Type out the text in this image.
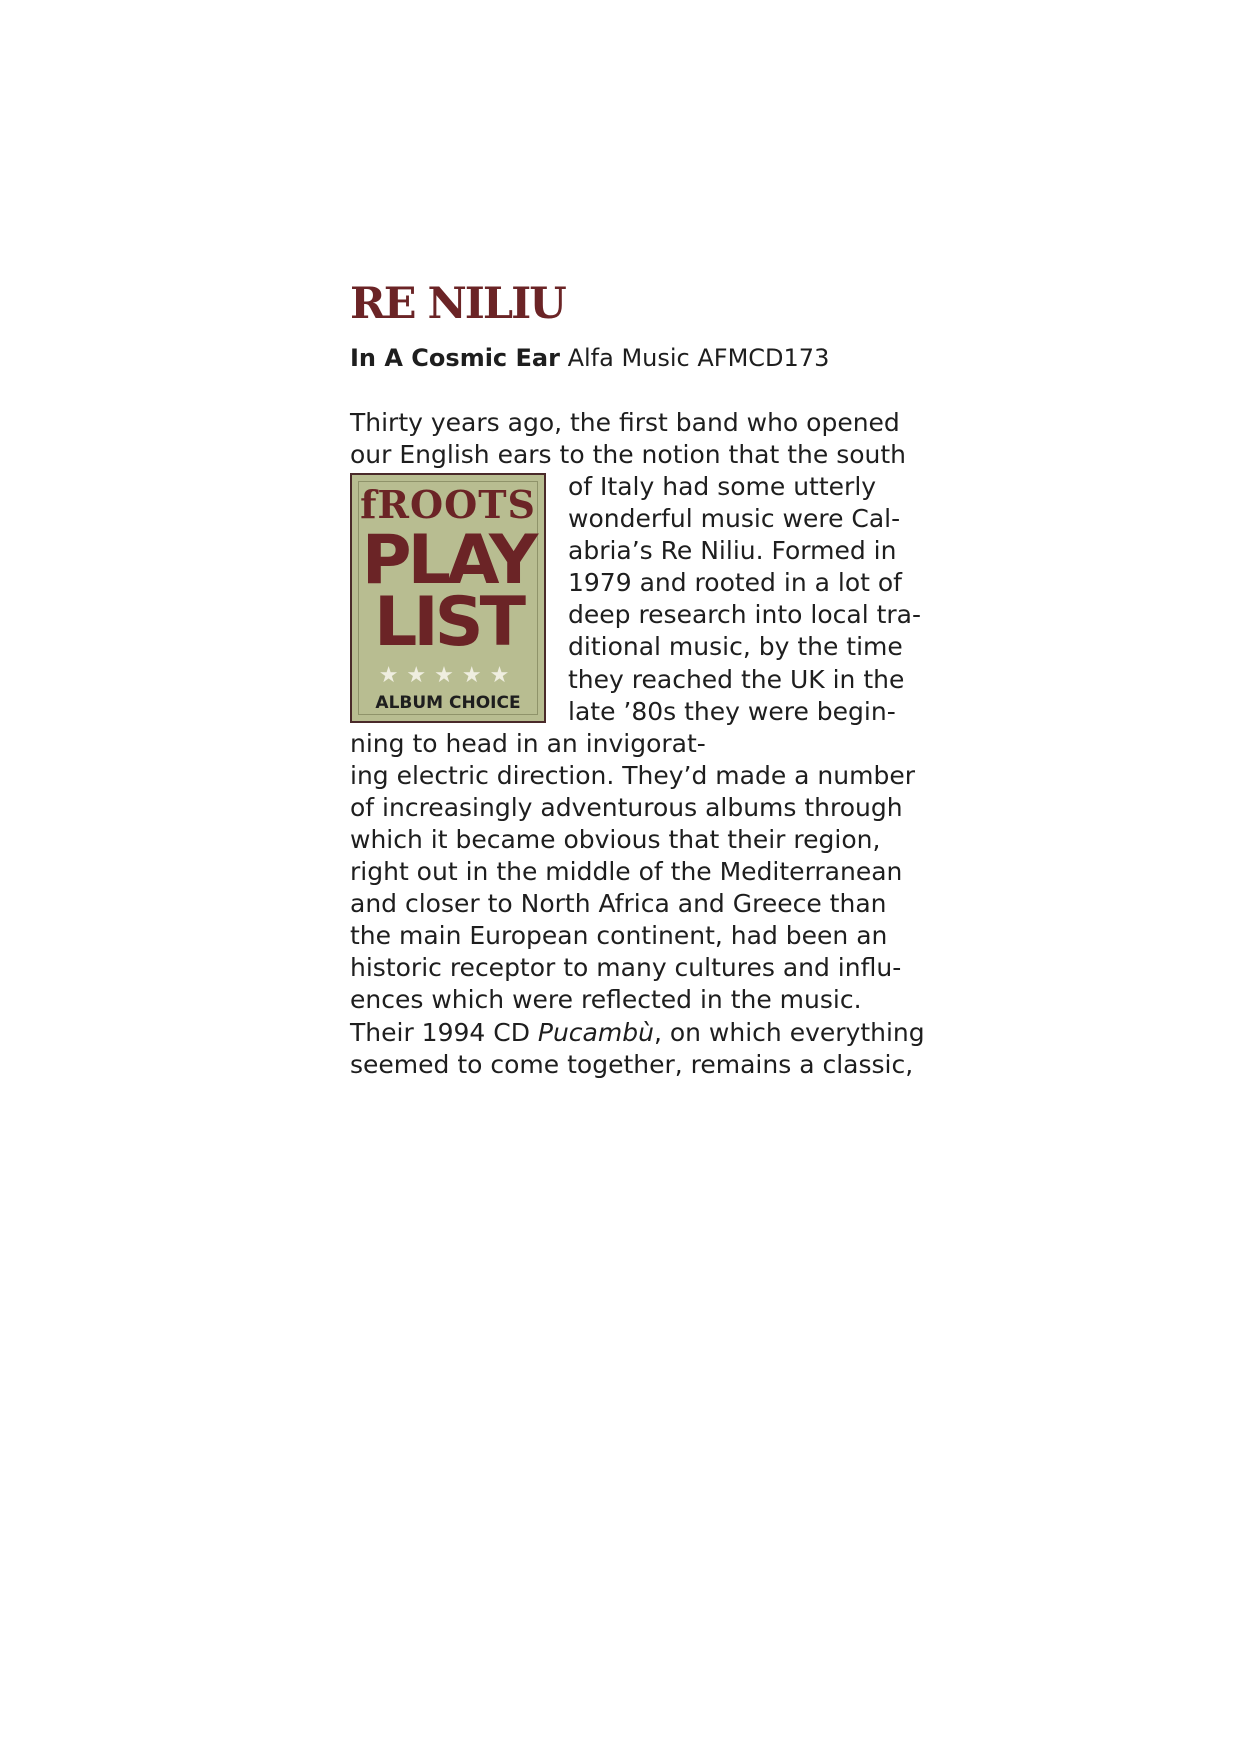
RE NILIU
In A Cosmic Ear Alfa Music AFMCD173
Thirty years ago, the first band who opened
our English ears to the notion that the south
fROOTS
PLAY
LIST
★★★★★
ALBUM CHOICE
of Italy had some utterly
wonderful music were Cal-
abria’s Re Niliu. Formed in
1979 and rooted in a lot of
deep research into local tra-
ditional music, by the time
they reached the UK in the
late ’80s they were begin-
ning to head in an invigorat-
ing electric direction. They’d made a number
of increasingly adventurous albums through
which it became obvious that their region,
right out in the middle of the Mediterranean
and closer to North Africa and Greece than
the main European continent, had been an
historic receptor to many cultures and influ-
ences which were reflected in the music.
Their 1994 CD Pucambù, on which everything
seemed to come together, remains a classic,
